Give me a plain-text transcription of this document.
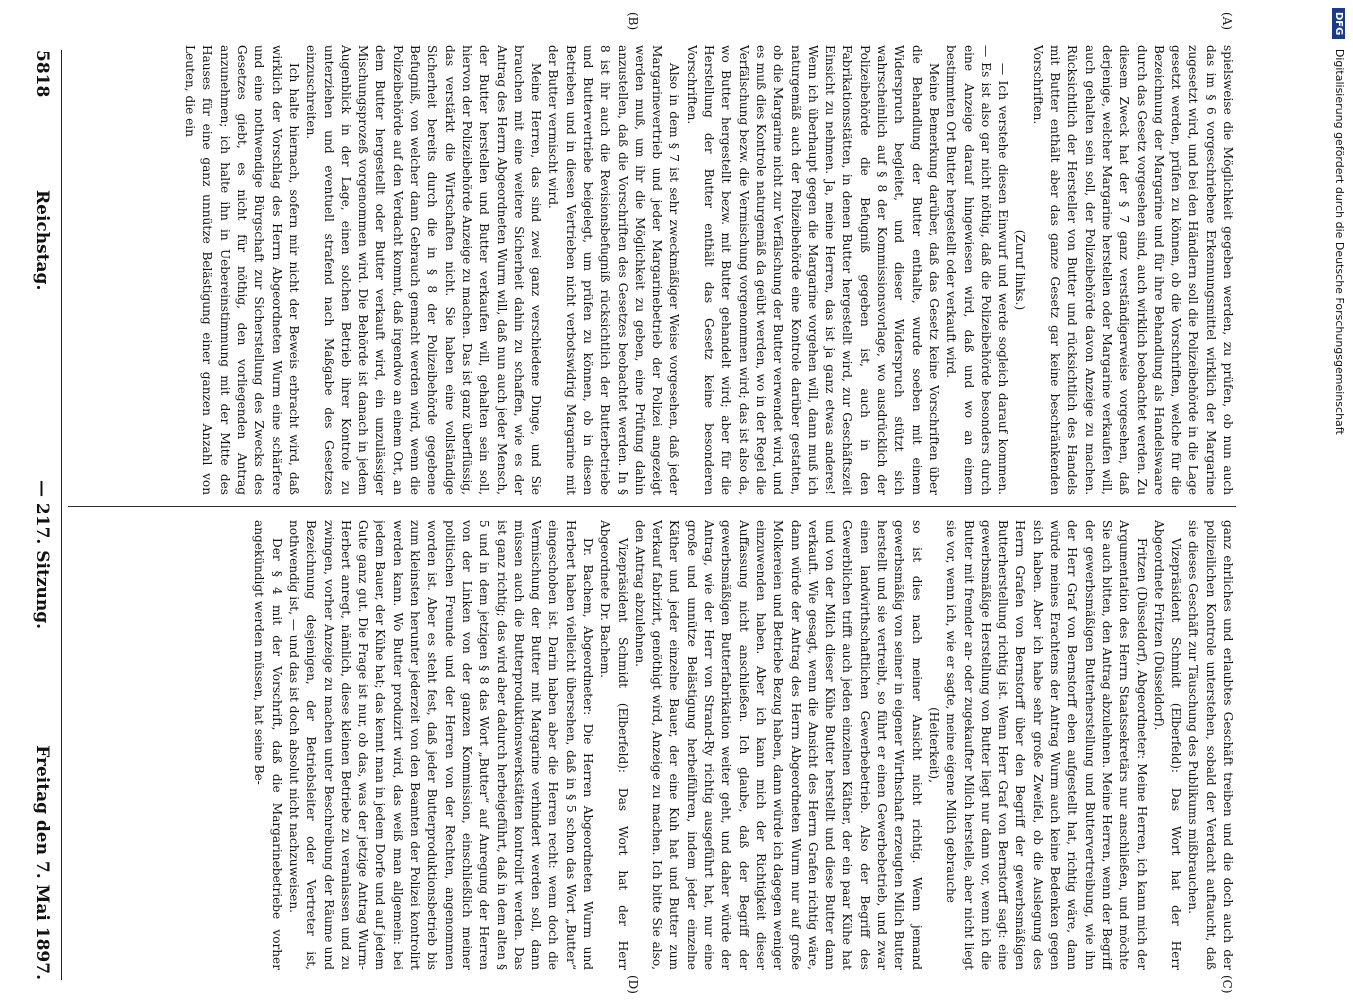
5818
Reichstag.
— 217. Sitzung.
Freitag den 7. Mai 1897.
(A)
(B)
(C)
(D)

spielsweise die Möglichkeit gegeben werden, zu prüfen, ob nun auch das im § 6 vorgeschriebene Erkennungsmittel wirklich der Margarine zugesetzt wird, und bei den Händlern soll die Polizeibehörde in die Lage gesetzt werden, prüfen zu können, ob die Vorschriften, welche für die Bezeichnung der Margarine und für ihre Behandlung als Handelswaare durch das Gesetz vorgesehen sind, auch wirklich beobachtet werden. Zu diesem Zweck hat der § 7 ganz verständigerweise vorgesehen, daß derjenige, welcher Margarine herstellen oder Margarine verkaufen will, auch gehalten sein soll, der Polizeibehörde davon Anzeige zu machen. Rücksichtlich der Hersteller von Butter und rücksichtlich des Handels mit Butter enthält aber das ganze Gesetz gar keine beschränkenden Vorschriften.

(Zuruf links.)

— Ich verstehe diesen Einwurf und werde sogleich darauf kommen. — Es ist also gar nicht nöthig, daß die Polizeibehörde besonders durch eine Anzeige darauf hingewiesen wird, daß und wo an einem bestimmten Ort Butter hergestellt oder verkauft wird.

Meine Bemerkung darüber, daß das Gesetz keine Vorschriften über die Behandlung der Butter enthalte, wurde soeben mit einem Widerspruch begleitet, und dieser Widerspruch stützt sich wahrscheinlich auf § 8 der Kommissionsvorlage, wo ausdrücklich der Polizeibehörde die Befugniß gegeben ist, auch in den Fabrikationsstätten, in denen Butter hergestellt wird, zur Geschäftszeit Einsicht zu nehmen. Ja, meine Herren, das ist ja ganz etwas anderes! Wenn ich überhaupt gegen die Margarine vorgehen will, dann muß ich naturgemäß auch der Polizeibehörde eine Kontrole darüber gestatten, ob die Margarine nicht zur Verfälschung der Butter verwendet wird, und es muß dies Kontrole naturgemäß da geübt werden, wo in der Regel die Verfälschung bezw. die Vermischung vorgenommen wird; das ist also da, wo Butter hergestellt bezw. mit Butter gehandelt wird; aber für die Herstellung der Butter enthält das Gesetz keine besonderen Vorschriften.

Also in dem § 7 ist sehr zweckmäßiger Weise vorgesehen, daß jeder Margarinevertrieb und jeder Margarinebetrieb der Polizei angezeigt werden muß, um ihr die Möglichkeit zu geben, eine Prüfung dahin anzustellen, daß die Vorschriften des Gesetzes beobachtet werden. In § 8 ist ihr auch die Revisionsbefugniß rücksichtlich der Butterbetriebe und Buttervertriebe beigelegt, um prüfen zu können, ob in diesen Betrieben und in diesen Vertrieben nicht verbotswidrig Margarine mit der Butter vermischt wird.

Meine Herren, das sind zwei ganz verschiedene Dinge, und Sie brauchen mit eine weitere Sicherheit dahin zu schaffen, wie es der Antrag des Herrn Abgeordneten Wurm will, daß nun auch jeder Mensch, der Butter herstellen und Butter verkaufen will, gehalten sein soll, hiervon der Polizeibehörde Anzeige zu machen. Das ist ganz überflüssig, das verstärkt die Wirtschaften nicht. Sie haben eine vollständige Sicherheit bereits durch die in § 8 der Polizeibehörde gegebene Befugniß, von welcher dann Gebrauch gemacht werden wird, wenn die Polizeibehörde auf den Verdacht kommt, daß irgendwo an einem Ort, an dem Butter hergestellt oder Butter verkauft wird, ein unzulässiger Mischungsprozeß vorgenommen wird. Die Behörde ist danach in jedem Augenblick in der Lage, einen solchen Betrieb ihrer Kontrole zu unterziehen und eventuell strafend nach Maßgabe des Gesetzes einzuschreiten.

Ich halte hiernach, sofern mir nicht der Beweis erbracht wird, daß wirklich der Vorschlag des Herrn Abgeordneten Wurm eine schärfere und eine nothwendige Bürgschaft zur Sicherstellung des Zwecks des Gesetzes giebt, es nicht für nöthig, den vorliegenden Antrag anzunehmen; ich halte ihn in Uebereinstimmung mit der Mitte des Hauses für eine ganz unnütze Belästigung einer ganzen Anzahl von Leuten, die ein

ganz ehrliches und erlaubtes Geschäft treiben und die doch auch der polizeilichen Kontrole unterstehen, sobald der Verdacht auftaucht, daß sie dieses Geschäft zur Täuschung des Publikums mißbrauchen.

Vizepräsident Schmidt (Elberfeld): Das Wort hat der Herr Abgeordnete Fritzen (Düsseldorf).

Fritzen (Düsseldorf), Abgeordneter: Meine Herren, ich kann mich der Argumentation des Herrn Staatssekretärs nur anschließen, und möchte Sie auch bitten, den Antrag abzulehnen. Meine Herren, wenn der Begriff der gewerbsmäßigen Butterherstellung und Buttervertreibung, wie ihn der Herr Graf von Bernstorff eben aufgestellt hat, richtig wäre, dann würde meines Erachtens der Antrag Wurm auch keine Bedenken gegen sich haben. Aber ich habe sehr große Zweifel, ob die Auslegung des Herrn Grafen von Bernstorff über den Begriff der gewerbsmäßigen Butterherstellung richtig ist. Wenn Herr Graf von Bernstorff sagt: eine gewerbsmäßige Herstellung von Butter liegt nur dann vor, wenn ich die Butter mit fremder an- oder zugekaufter Milch herstelle, aber nicht liegt sie vor, wenn ich, wie er sagte, meine eigene Milch gebrauche

(Heiterkeit),

so ist dies nach meiner Ansicht nicht richtig. Wenn jemand gewerbsmäßig von seiner in eigener Wirthschaft erzeugten Milch Butter herstellt und sie vertreibt, so führt er einen Gewerbebetrieb, und zwar einen landwirthschaftlichen Gewerbebetrieb. Also der Begriff des Gewerblichen trifft auch jeden einzelnen Käther, der ein paar Kühe hat und von der Milch dieser Kühe Butter herstellt und diese Butter dann verkauft. Wie gesagt, wenn die Ansicht des Herrn Grafen richtig wäre, dann würde der Antrag des Herrn Abgeordneten Wurm nur auf große Molkereien und Betriebe Bezug haben, dann würde ich dagegen weniger einzuwenden haben. Aber ich kann mich der Richtigkeit dieser Auffassung nicht anschließen. Ich glaube, daß der Begriff der gewerbsmäßigen Butterfabrikation weiter geht, und daher würde der Antrag, wie der Herr von Strand-Ry richtig ausgeführt hat, nur eine große und unnütze Belästigung herbeiführen, indem jeder einzelne Käther und jeder einzelne Bauer, der eine Kuh hat und Butter zum Verkauf fabrizirt, genöthigt wird, Anzeige zu machen. Ich bitte Sie also, den Antrag abzulehnen.

Vizepräsident Schmidt (Elberfeld): Das Wort hat der Herr Abgeordnete Dr. Bachem.

Dr. Bachem, Abgeordneter: Die Herren Abgeordneten Wurm und Herbert haben vielleicht übersehen, daß in § 5 schon das Wort „Butter“ eingeschoben ist. Darin haben aber die Herren recht: wenn doch die Vermischung der Butter mit Margarine verhindert werden soll, dann müssen auch die Butterproduktionswerkstätten kontrolirt werden. Das ist ganz richtig; das wird aber dadurch herbeigeführt, daß in dem alten § 5 und in dem jetzigen § 8 das Wort „Butter“ auf Anregung der Herren von der Linken von der ganzen Kommission, einschließlich meiner politischen Freunde und der Herren von der Rechten, angenommen worden ist. Aber es steht fest, daß jeder Butterproduktionsbetrieb bis zum kleinsten herunter jederzeit von den Beamten der Polizei kontrolirt werden kann. Wo Butter produzirt wird, das weiß man allgemein: bei jedem Bauer, der Kühe hat; das kennt man in jedem Dorfe und auf jedem Gute ganz gut. Die Frage ist nur, ob das, was der jetzige Antrag Wurm-Herbert anregt, nämlich, diese kleinen Betriebe zu veranlassen und zu zwingen, vorher Anzeige zu machen unter Beschreibung der Räume und Bezeichnung desjenigen, der Betriebsleiter oder Vertreter ist, nothwendig ist, — und das ist doch absolut nicht nachzuweisen.

Der § 4 mit der Vorschrift, daß die Margarinebetriebe vorher angekündigt werden müssen, hat seine Be-

DFG Digitalisierung gefördert durch die Deutsche Forschungsgemeinschaft
